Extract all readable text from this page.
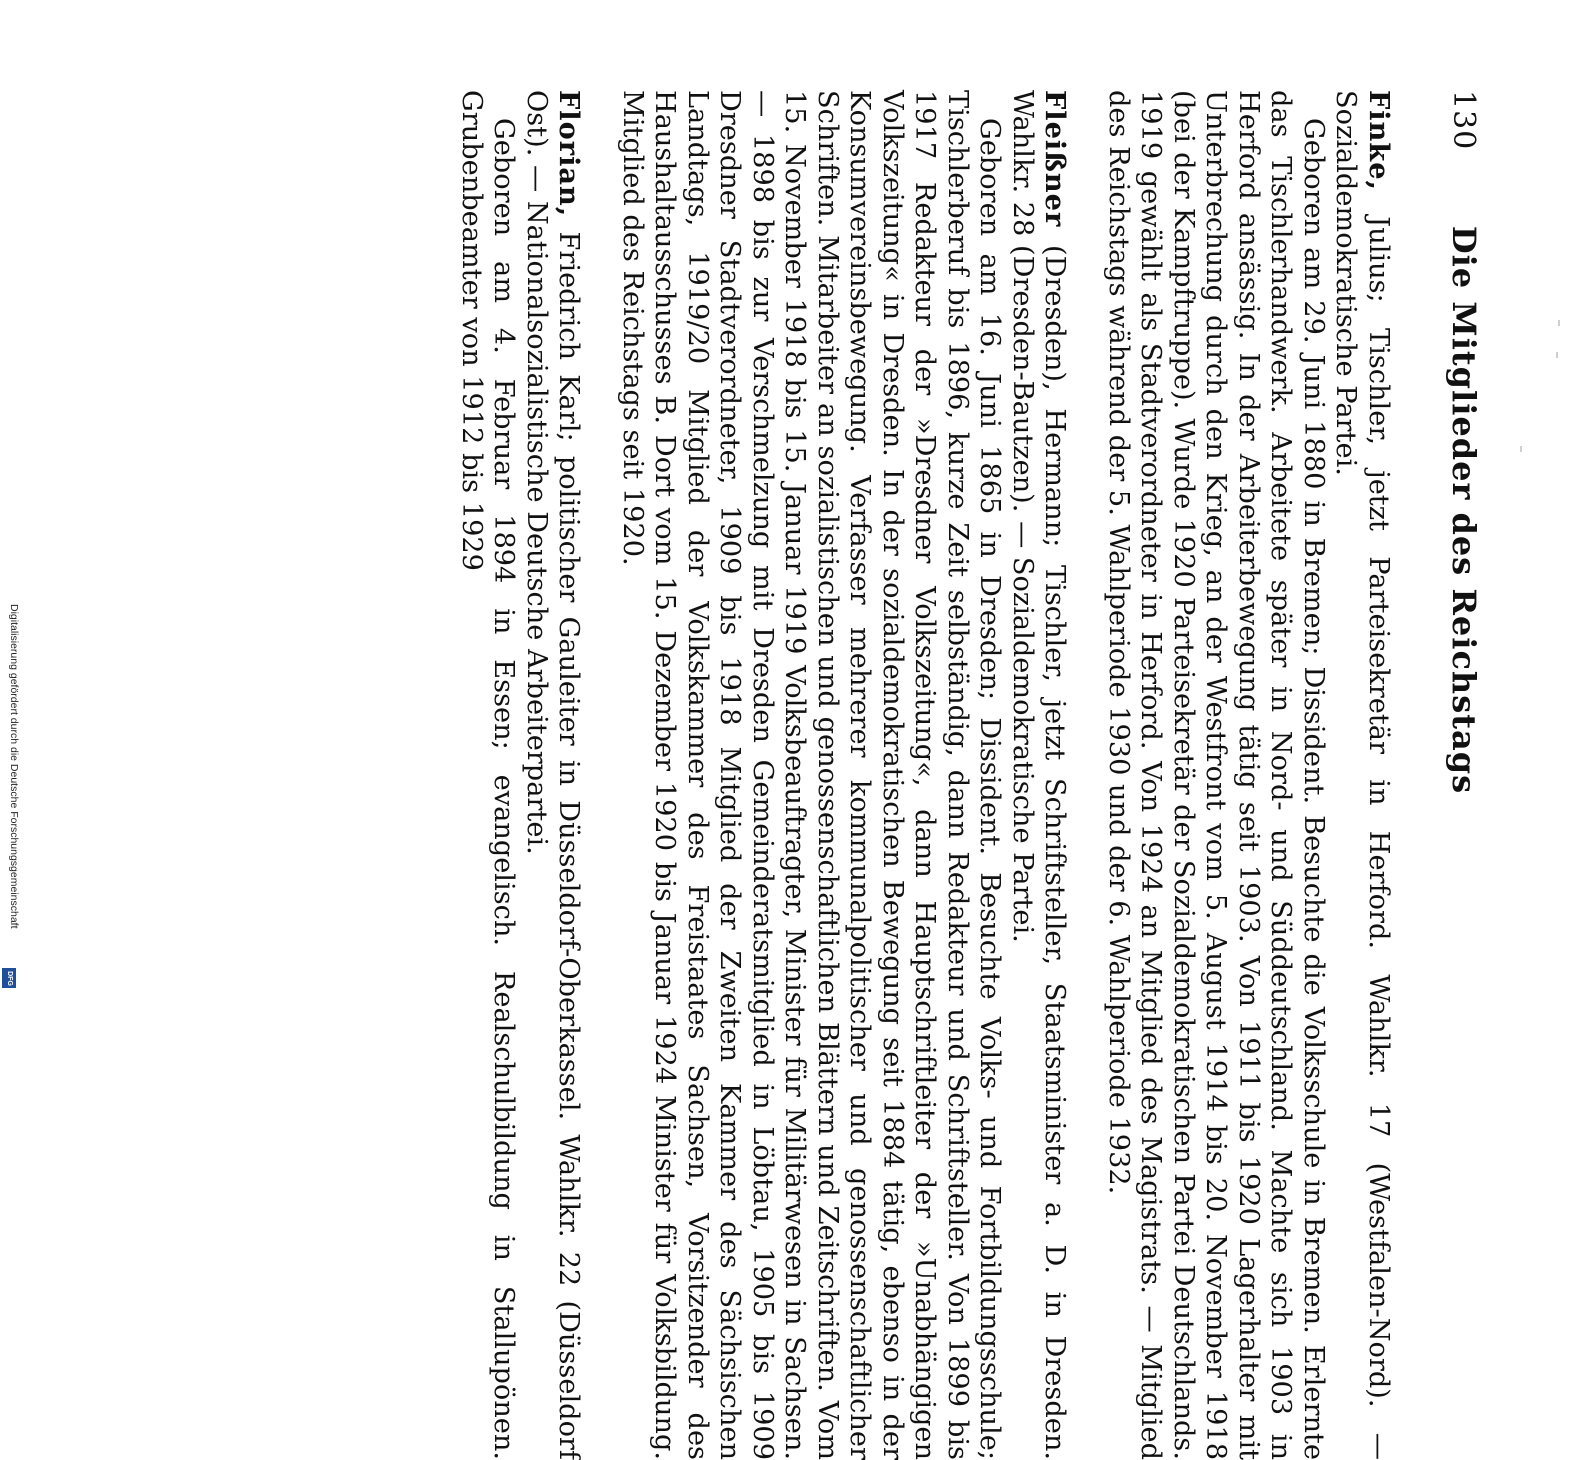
130
Die Mitglieder des Reichstags

Finke, Julius; Tischler, jetzt Parteisekretär in Herford. Wahlkr. 17 (Westfalen-Nord). — Sozialdemokratische Partei.

Geboren am 29. Juni 1880 in Bremen; Dissident. Besuchte die Volksschule in Bremen. Erlernte das Tischlerhandwerk. Arbeitete später in Nord- und Süddeutschland. Machte sich 1903 in Herford ansässig. In der Arbeiterbewegung tätig seit 1903. Von 1911 bis 1920 Lagerhalter mit Unterbrechung durch den Krieg, an der Westfront vom 5. August 1914 bis 20. November 1918 (bei der Kampftruppe). Wurde 1920 Parteisekretär der Sozialdemokratischen Partei Deutschlands. 1919 gewählt als Stadtverordneter in Herford. Von 1924 an Mitglied des Magistrats. — Mitglied des Reichstags während der 5. Wahlperiode 1930 und der 6. Wahlperiode 1932.

Fleißner (Dresden), Hermann; Tischler, jetzt Schriftsteller, Staatsminister a. D. in Dresden. Wahlkr. 28 (Dresden-Bautzen). — Sozialdemokratische Partei.

Geboren am 16. Juni 1865 in Dresden; Dissident. Besuchte Volks- und Fortbildungsschule; Tischlerberuf bis 1896, kurze Zeit selbständig, dann Redakteur und Schriftsteller. Von 1899 bis 1917 Redakteur der »Dresdner Volkszeitung«, dann Hauptschriftleiter der »Unabhängigen Volkszeitung« in Dresden. In der sozialdemokratischen Bewegung seit 1884 tätig, ebenso in der Konsumvereinsbewegung. Verfasser mehrerer kommunalpolitischer und genossenschaftlicher Schriften. Mitarbeiter an sozialistischen und genossenschaftlichen Blättern und Zeitschriften. Vom 15. November 1918 bis 15. Januar 1919 Volksbeauftragter, Minister für Militärwesen in Sachsen. — 1898 bis zur Verschmelzung mit Dresden Gemeinderatsmitglied in Löbtau, 1905 bis 1909 Dresdner Stadtverordneter, 1909 bis 1918 Mitglied der Zweiten Kammer des Sächsischen Landtags, 1919/20 Mitglied der Volkskammer des Freistaates Sachsen, Vorsitzender des Haushaltausschusses B. Dort vom 15. Dezember 1920 bis Januar 1924 Minister für Volksbildung. Mitglied des Reichstags seit 1920.

Florian, Friedrich Karl; politischer Gauleiter in Düsseldorf-Oberkassel. Wahlkr. 22 (Düsseldorf Ost). — Nationalsozialistische Deutsche Arbeiterpartei.

Geboren am 4. Februar 1894 in Essen; evangelisch. Realschulbildung in Stallupönen. Grubenbeamter von 1912 bis 1929

Digitalisierung gefördert durch die Deutsche Forschungsgemeinschaft
DFG
